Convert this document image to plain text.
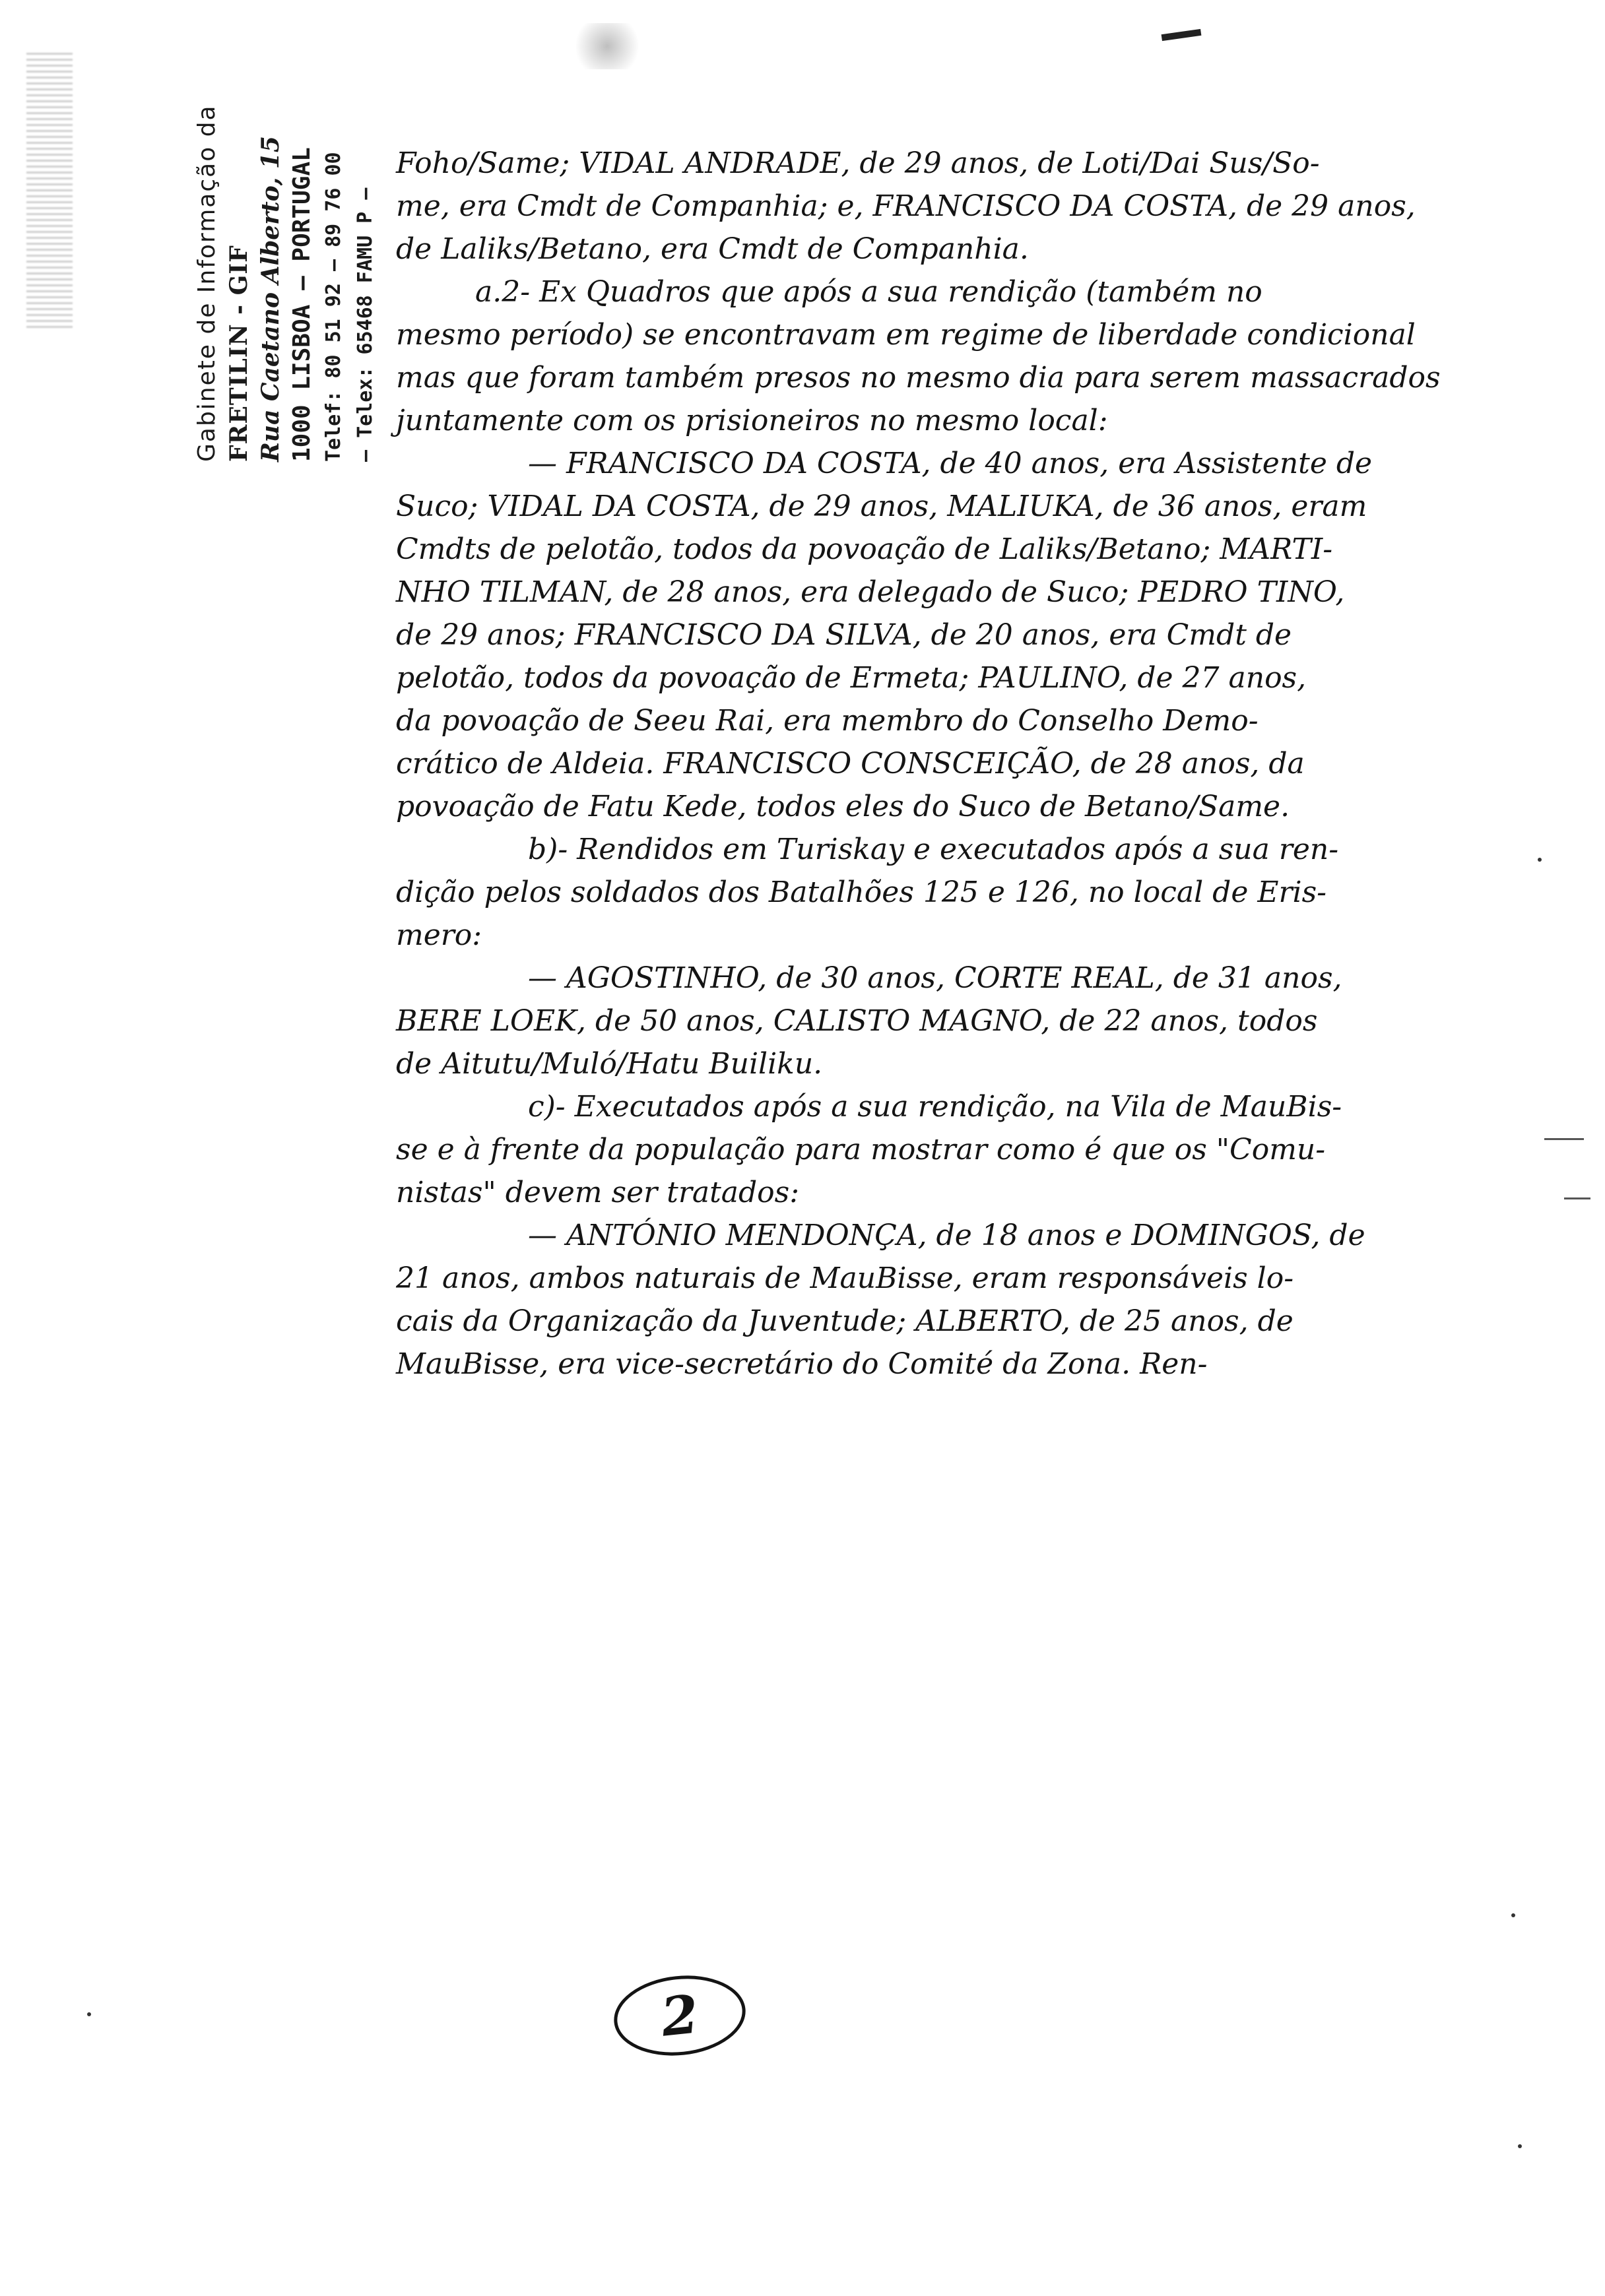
Gabinete de Informação da FRETILIN - GIF Rua Caetano Alberto, 15 1000 LISBOA — PORTUGAL Telef: 80 51 92 — 89 76 00 — Telex: 65468 FAMU P —
Foho/Same; VIDAL ANDRADE, de 29 anos, de Loti/Dai Sus/So-
me, era Cmdt de Companhia; e, FRANCISCO DA COSTA, de 29 anos,
de Laliks/Betano, era Cmdt de Companhia.
a.2- Ex Quadros que após a sua rendição (também no
mesmo período) se encontravam em regime de liberdade condicional
mas que foram também presos no mesmo dia para serem massacrados
juntamente com os prisioneiros no mesmo local:
— FRANCISCO DA COSTA, de 40 anos, era Assistente de
Suco; VIDAL DA COSTA, de 29 anos, MALIUKA, de 36 anos, eram
Cmdts de pelotão, todos da povoação de Laliks/Betano; MARTI-
NHO TILMAN, de 28 anos, era delegado de Suco; PEDRO TINO,
de 29 anos; FRANCISCO DA SILVA, de 20 anos, era Cmdt de
pelotão, todos da povoação de Ermeta; PAULINO, de 27 anos,
da povoação de Seeu Rai, era membro do Conselho Demo-
crático de Aldeia. FRANCISCO CONSCEIÇÃO, de 28 anos, da
povoação de Fatu Kede, todos eles do Suco de Betano/Same.
b)- Rendidos em Turiskay e executados após a sua ren-
dição pelos soldados dos Batalhões 125 e 126, no local de Eris-
mero:
— AGOSTINHO, de 30 anos, CORTE REAL, de 31 anos,
BERE LOEK, de 50 anos, CALISTO MAGNO, de 22 anos, todos
de Aitutu/Muló/Hatu Builiku.
c)- Executados após a sua rendição, na Vila de MauBis-
se e à frente da população para mostrar como é que os "Comu-
nistas" devem ser tratados:
— ANTÓNIO MENDONÇA, de 18 anos e DOMINGOS, de
21 anos, ambos naturais de MauBisse, eram responsáveis lo-
cais da Organização da Juventude; ALBERTO, de 25 anos, de
MauBisse, era vice-secretário do Comité da Zona. Ren-
2
